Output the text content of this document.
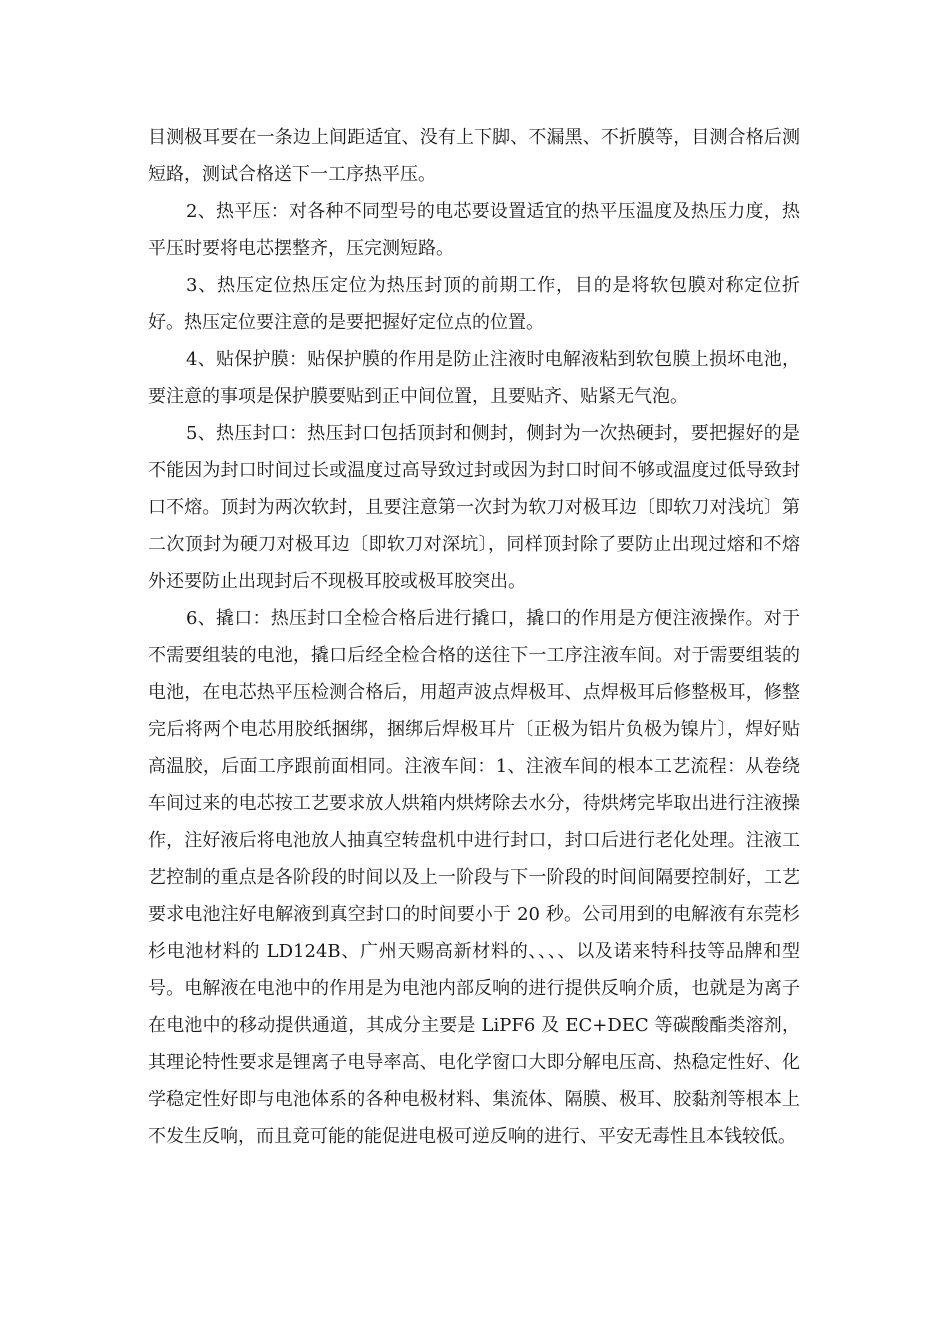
目测极耳要在一条边上间距适宜、没有上下脚、不漏黑、不折膜等，目测合格后测短路，测试合格送下一工序热平压。

2、热平压：对各种不同型号的电芯要设置适宜的热平压温度及热压力度，热平压时要将电芯摆整齐，压完测短路。

3、热压定位热压定位为热压封顶的前期工作，目的是将软包膜对称定位折好。热压定位要注意的是要把握好定位点的位置。

4、贴保护膜：贴保护膜的作用是防止注液时电解液粘到软包膜上损坏电池，要注意的事项是保护膜要贴到正中间位置，且要贴齐、贴紧无气泡。

5、热压封口：热压封口包括顶封和侧封，侧封为一次热硬封，要把握好的是不能因为封口时间过长或温度过高导致过封或因为封口时间不够或温度过低导致封口不熔。顶封为两次软封，且要注意第一次封为软刀对极耳边〔即软刀对浅坑〕第二次顶封为硬刀对极耳边〔即软刀对深坑〕，同样顶封除了要防止出现过熔和不熔外还要防止出现封后不现极耳胶或极耳胶突出。

6、撬口：热压封口全检合格后进行撬口，撬口的作用是方便注液操作。对于不需要组装的电池，撬口后经全检合格的送往下一工序注液车间。对于需要组装的电池，在电芯热平压检测合格后，用超声波点焊极耳、点焊极耳后修整极耳，修整完后将两个电芯用胶纸捆绑，捆绑后焊极耳片〔正极为铝片负极为镍片〕，焊好贴高温胶，后面工序跟前面相同。注液车间：1、注液车间的根本工艺流程：从卷绕车间过来的电芯按工艺要求放人烘箱内烘烤除去水分，待烘烤完毕取出进行注液操作，注好液后将电池放人抽真空转盘机中进行封口，封口后进行老化处理。注液工艺控制的重点是各阶段的时间以及上一阶段与下一阶段的时间间隔要控制好，工艺要求电池注好电解液到真空封口的时间要小于 20 秒。公司用到的电解液有东莞杉杉电池材料的 LD124B、广州天赐高新材料的、、、、以及诺来特科技等品牌和型号。电解液在电池中的作用是为电池内部反响的进行提供反响介质，也就是为离子在电池中的移动提供通道，其成分主要是 LiPF6 及 EC+DEC 等碳酸酯类溶剂，其理论特性要求是锂离子电导率高、电化学窗口大即分解电压高、热稳定性好、化学稳定性好即与电池体系的各种电极材料、集流体、隔膜、极耳、胶黏剂等根本上不发生反响，而且竟可能的能促进电极可逆反响的进行、平安无毒性且本钱较低。
